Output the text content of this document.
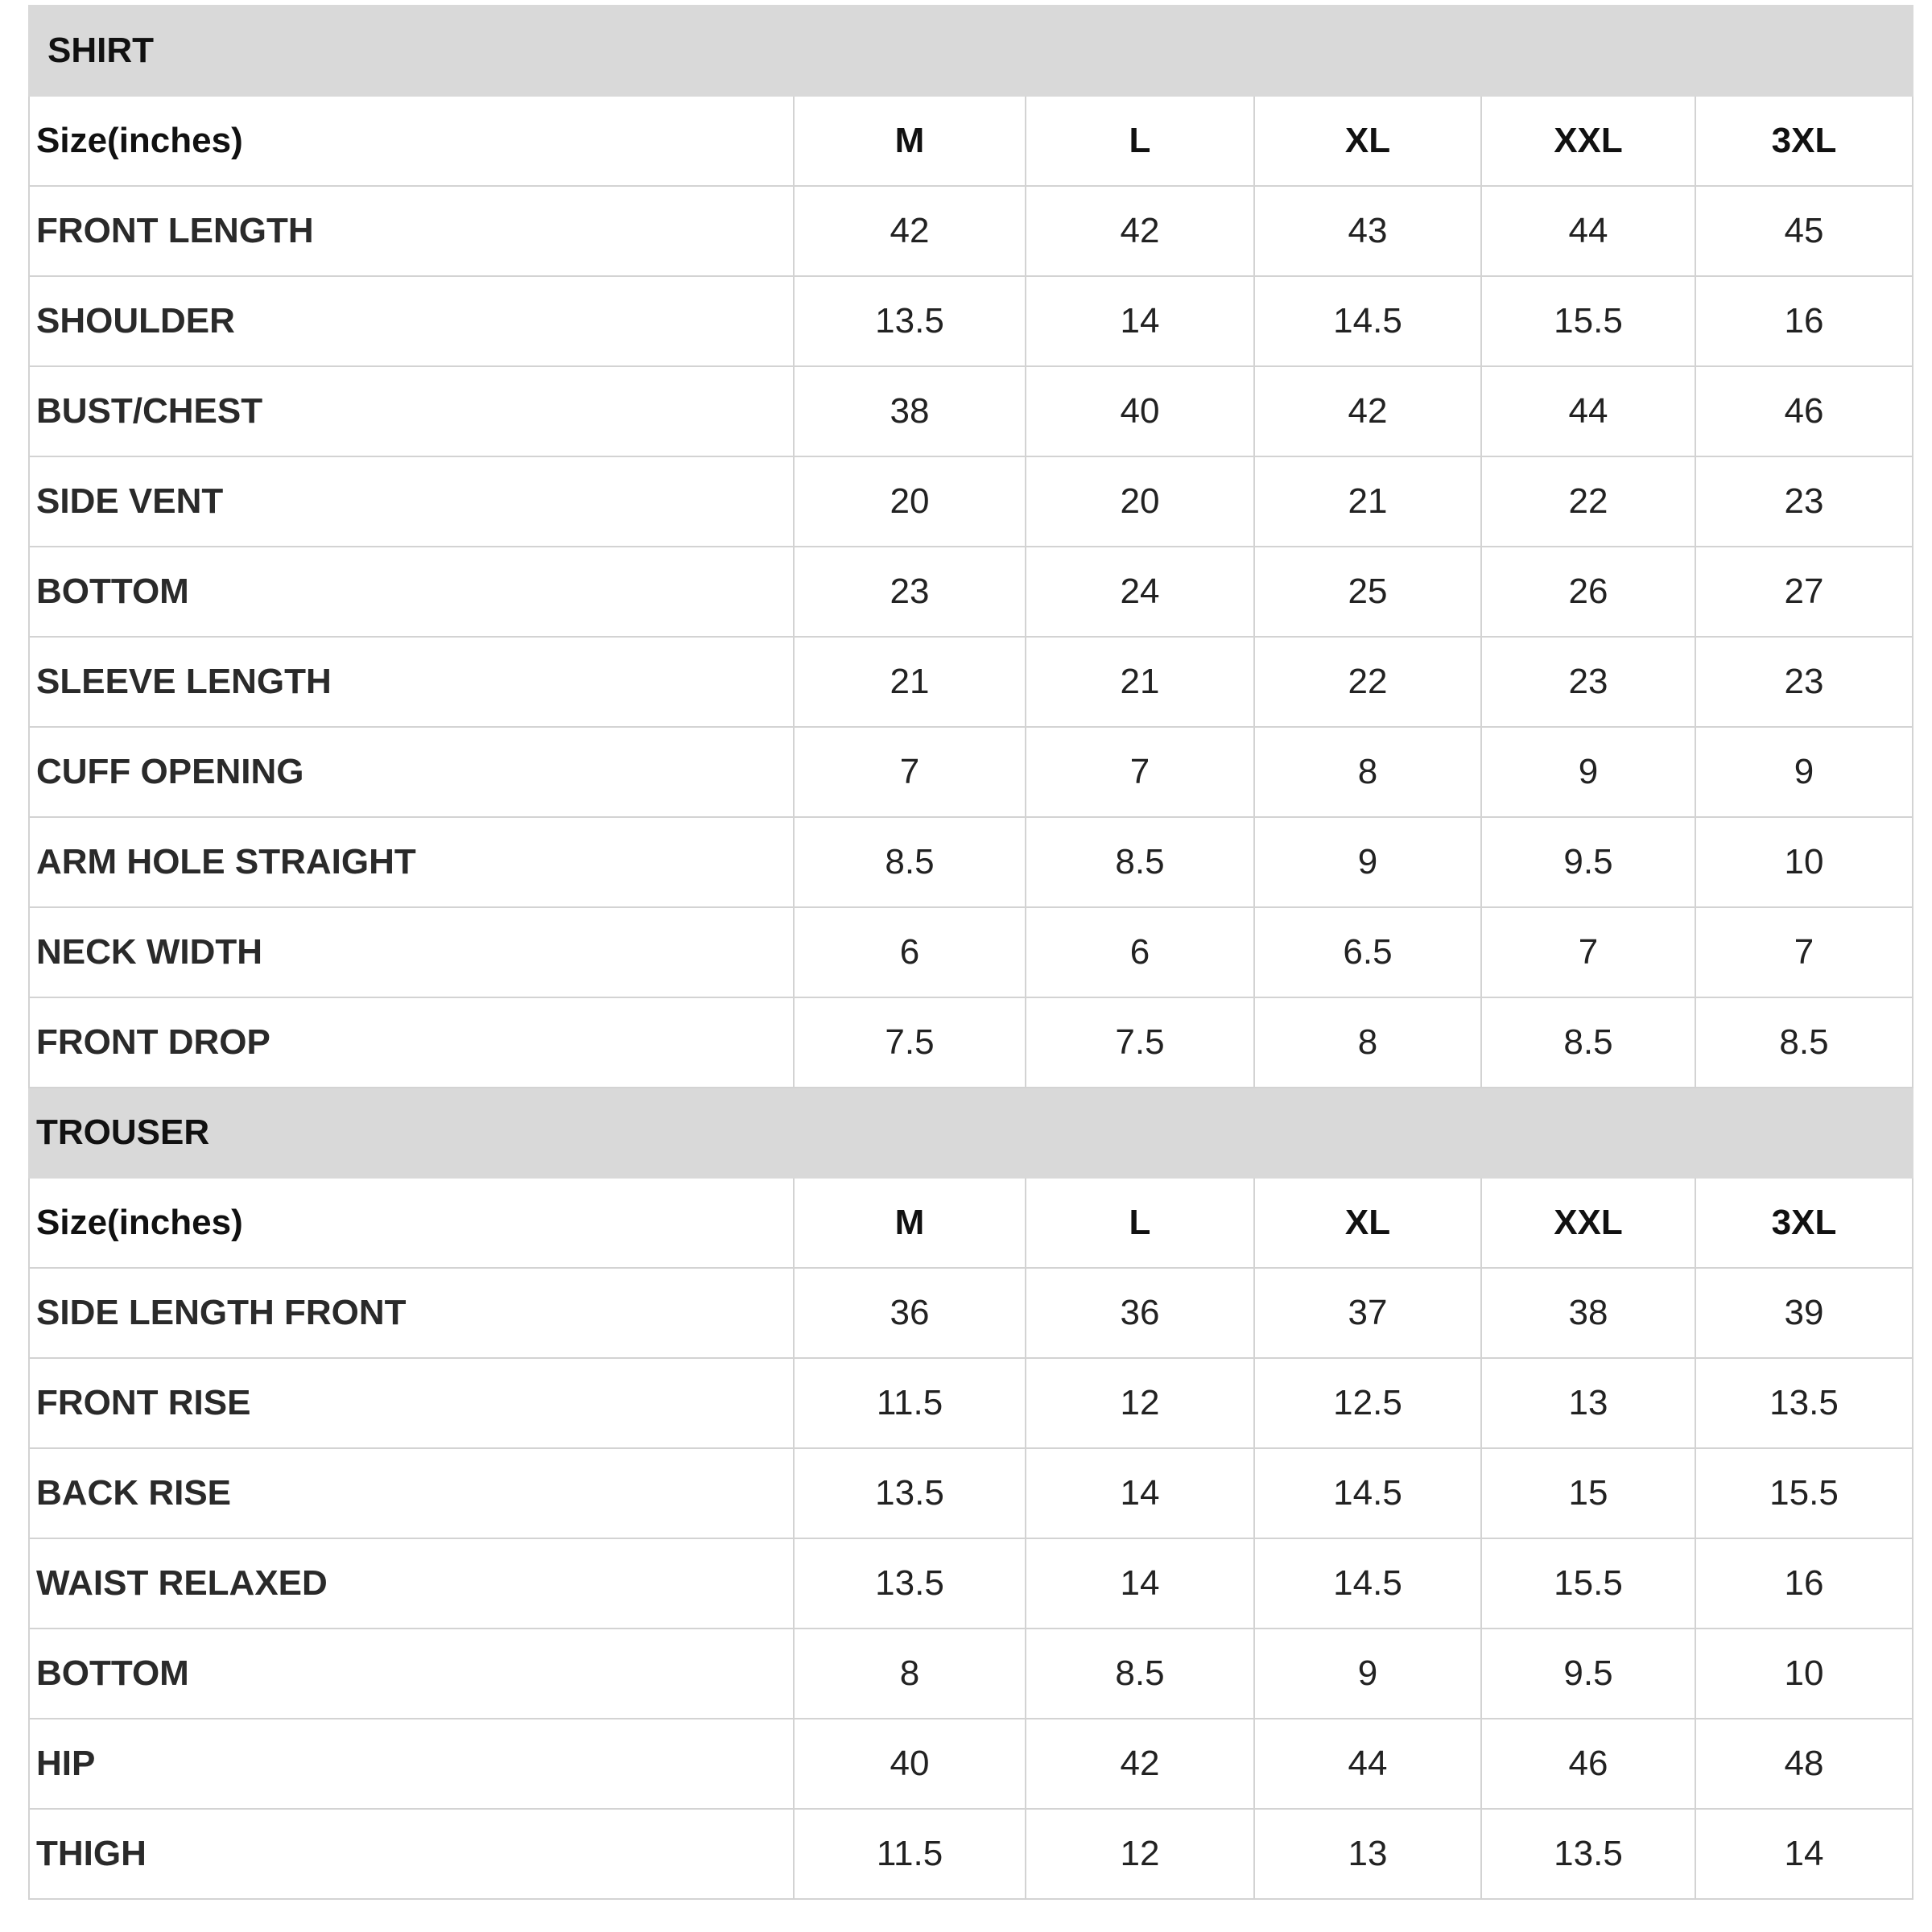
SHIRT					
Size(inches)	M	L	XL	XXL	3XL
FRONT LENGTH	42	42	43	44	45
SHOULDER	13.5	14	14.5	15.5	16
BUST/CHEST	38	40	42	44	46
SIDE VENT	20	20	21	22	23
BOTTOM	23	24	25	26	27
SLEEVE LENGTH	21	21	22	23	23
CUFF OPENING	7	7	8	9	9
ARM HOLE STRAIGHT	8.5	8.5	9	9.5	10
NECK WIDTH	6	6	6.5	7	7
FRONT DROP	7.5	7.5	8	8.5	8.5
TROUSER					
Size(inches)	M	L	XL	XXL	3XL
SIDE LENGTH FRONT	36	36	37	38	39
FRONT RISE	11.5	12	12.5	13	13.5
BACK RISE	13.5	14	14.5	15	15.5
WAIST RELAXED	13.5	14	14.5	15.5	16
BOTTOM	8	8.5	9	9.5	10
HIP	40	42	44	46	48
THIGH	11.5	12	13	13.5	14
